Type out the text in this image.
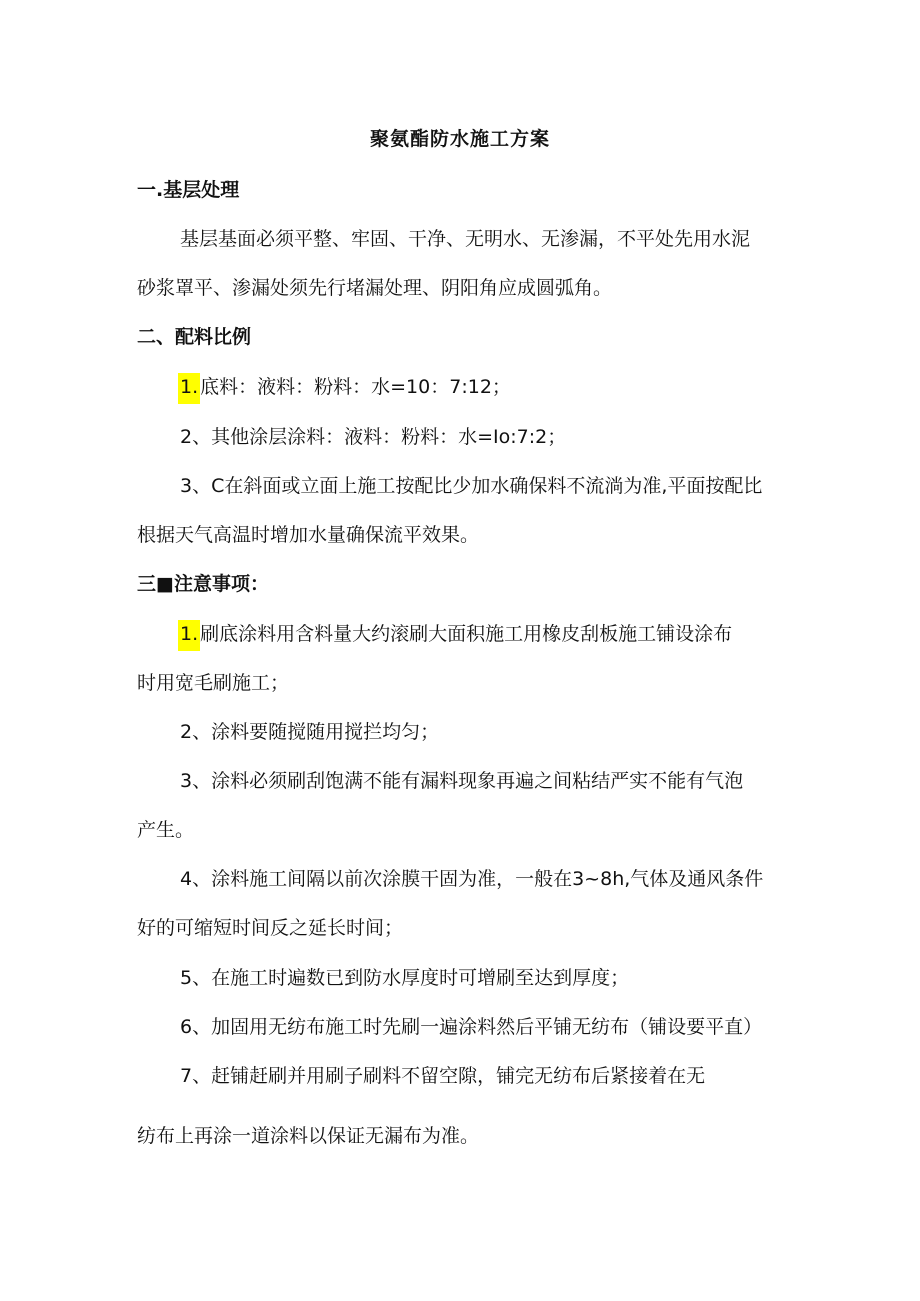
聚氨酯防水施工方案
一.基层处理
基层基面必须平整、牢固、干净、无明水、无渗漏，不平处先用水泥
砂浆罩平、渗漏处须先行堵漏处理、阴阳角应成圆弧角。
二、配料比例
1. 底料：液料：粉料：水=10：7:12；
2、其他涂层涂料：液料：粉料：水=Io:7:2；
3、C在斜面或立面上施工按配比少加水确保料不流淌为准,平面按配比
根据天气高温时增加水量确保流平效果。
三■注意事项：
1. 刷底涂料用含料量大约滚刷大面积施工用橡皮刮板施工铺设涂布
时用宽毛刷施工；
2、涂料要随搅随用搅拦均匀；
3、涂料必须刷刮饱满不能有漏料现象再遍之间粘结严实不能有气泡
产生。
4、涂料施工间隔以前次涂膜干固为准，一般在3~8h,气体及通风条件
好的可缩短时间反之延长时间；
5、在施工时遍数已到防水厚度时可增刷至达到厚度；
6、加固用无纺布施工时先刷一遍涂料然后平铺无纺布（铺设要平直）
7、赶铺赶刷并用刷子刷料不留空隙，铺完无纺布后紧接着在无
纺布上再涂一道涂料以保证无漏布为准。
